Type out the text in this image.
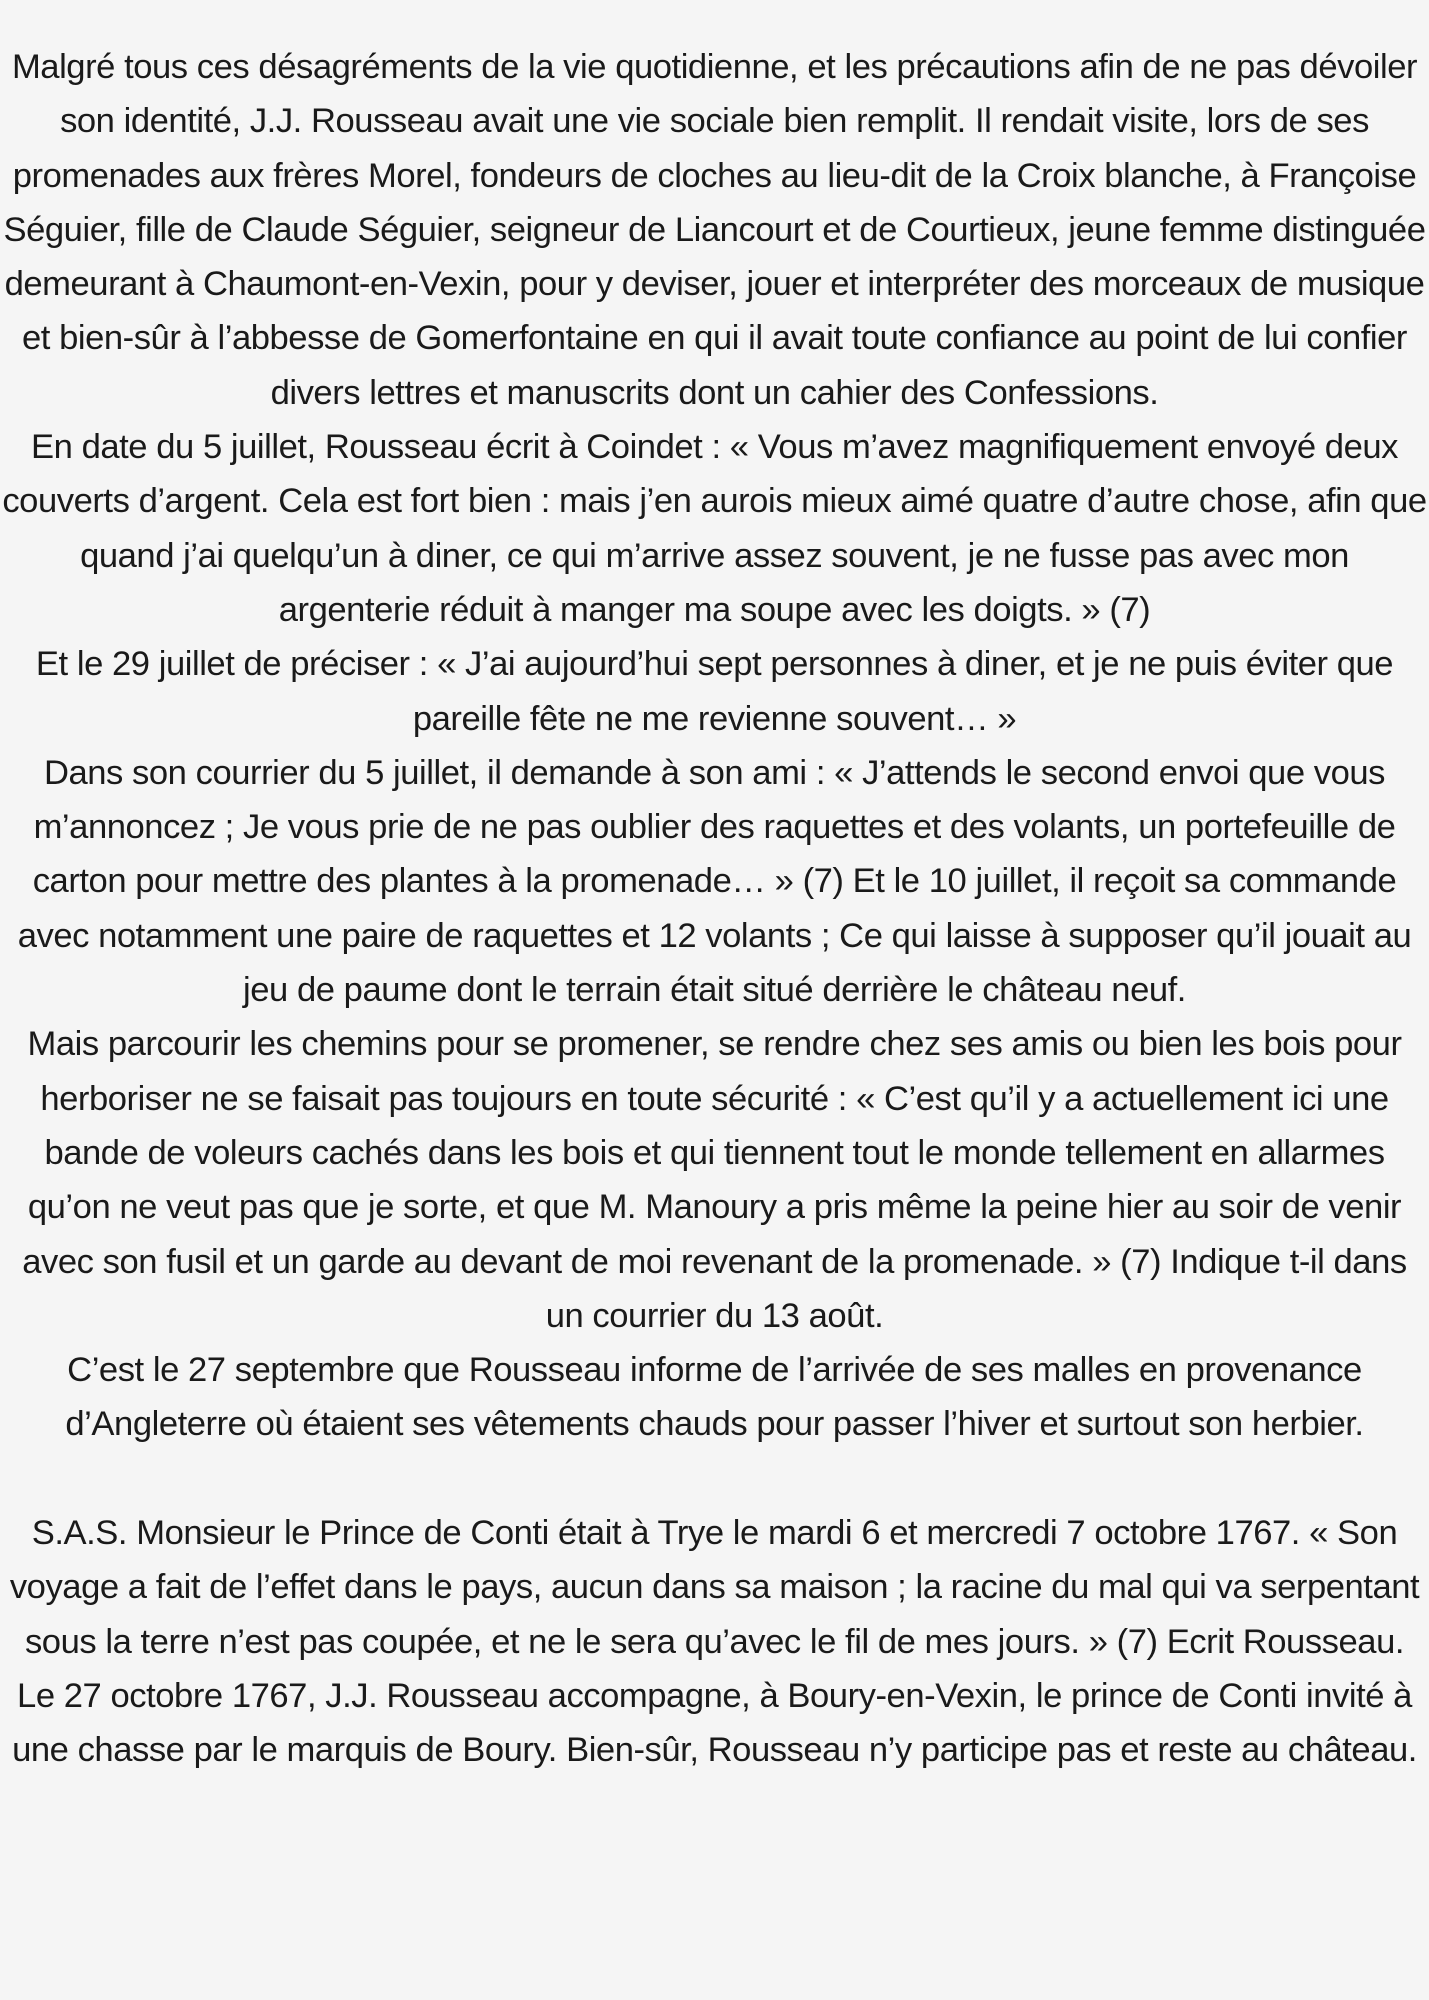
Malgré tous ces désagréments de la vie quotidienne, et les précautions afin de ne pas dévoiler son identité, J.J. Rousseau avait une vie sociale bien remplit. Il rendait visite, lors de ses promenades aux frères Morel, fondeurs de cloches au lieu-dit de la Croix blanche, à Françoise Séguier, fille de Claude Séguier, seigneur de Liancourt et de Courtieux, jeune femme distinguée demeurant à Chaumont-en-Vexin, pour y deviser, jouer et interpréter des morceaux de musique et bien-sûr à l’abbesse de Gomerfontaine en qui il avait toute confiance au point de lui confier divers lettres et manuscrits dont un cahier des Confessions.

En date du 5 juillet, Rousseau écrit à Coindet : « Vous m’avez magnifiquement envoyé deux couverts d’argent. Cela est fort bien : mais j’en aurois mieux aimé quatre d’autre chose, afin que quand j’ai quelqu’un à diner, ce qui m’arrive assez souvent, je ne fusse pas avec mon argenterie réduit à manger ma soupe avec les doigts. » (7)

Et le 29 juillet de préciser : « J’ai aujourd’hui sept personnes à diner, et je ne puis éviter que pareille fête ne me revienne souvent… »

Dans son courrier du 5 juillet, il demande à son ami : « J’attends le second envoi que vous m’annoncez ; Je vous prie de ne pas oublier des raquettes et des volants, un portefeuille de carton pour mettre des plantes à la promenade… » (7) Et le 10 juillet, il reçoit sa commande avec notamment une paire de raquettes et 12 volants ; Ce qui laisse à supposer qu’il jouait au jeu de paume dont le terrain était situé derrière le château neuf.

Mais parcourir les chemins pour se promener, se rendre chez ses amis ou bien les bois pour herboriser ne se faisait pas toujours en toute sécurité : « C’est qu’il y a actuellement ici une bande de voleurs cachés dans les bois et qui tiennent tout le monde tellement en allarmes qu’on ne veut pas que je sorte, et que M. Manoury a pris même la peine hier au soir de venir avec son fusil et un garde au devant de moi revenant de la promenade. » (7) Indique t-il dans un courrier du 13 août.

C’est le 27 septembre que Rousseau informe de l’arrivée de ses malles en provenance d’Angleterre où étaient ses vêtements chauds pour passer l’hiver et surtout son herbier.

S.A.S. Monsieur le Prince de Conti était à Trye le mardi 6 et mercredi 7 octobre 1767. « Son voyage a fait de l’effet dans le pays, aucun dans sa maison ; la racine du mal qui va serpentant sous la terre n’est pas coupée, et ne le sera qu’avec le fil de mes jours. » (7) Ecrit Rousseau.

Le 27 octobre 1767, J.J. Rousseau accompagne, à Boury-en-Vexin, le prince de Conti invité à une chasse par le marquis de Boury. Bien-sûr, Rousseau n’y participe pas et reste au château.
